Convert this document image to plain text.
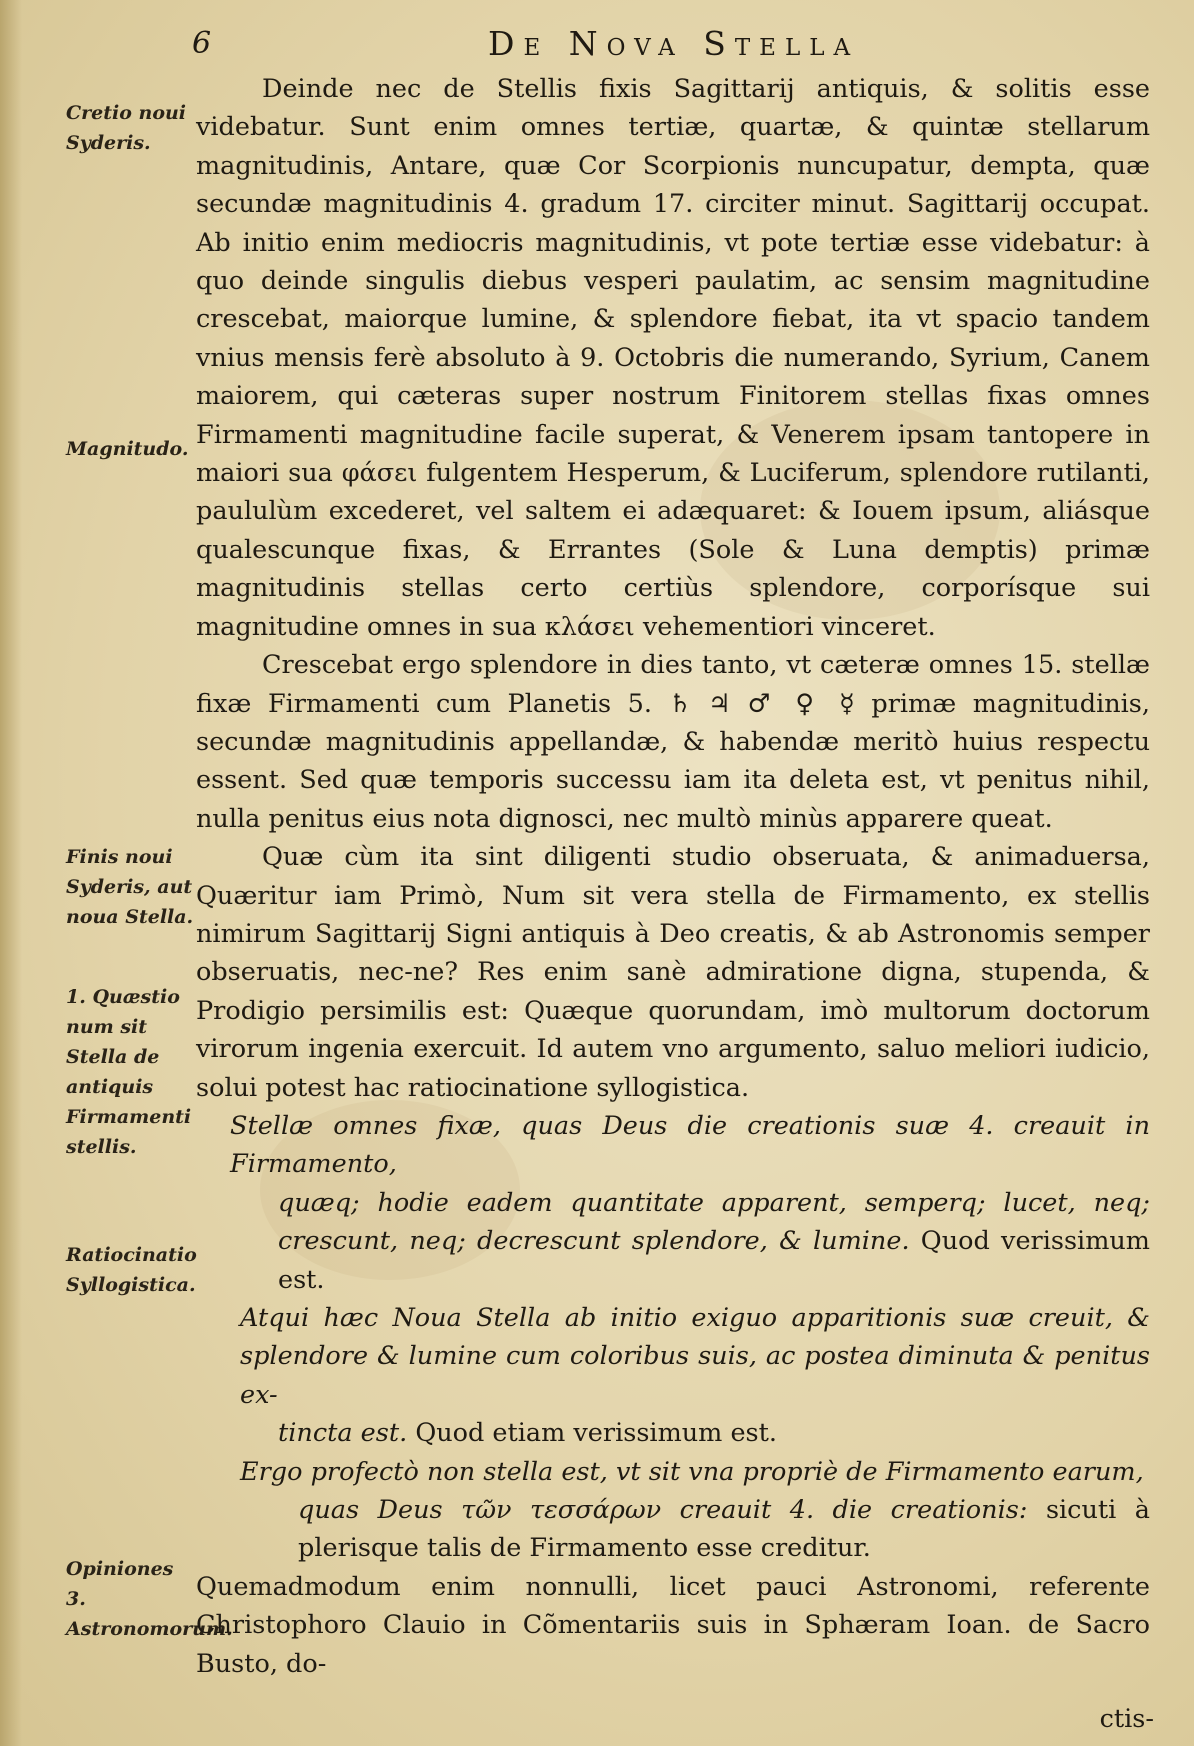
6	De Nova Stella
Cretio noui Syderis.
Magnitudo.
Finis noui Syderis, aut noua Stella.
1. Quæstio num sit Stella de antiquis Firmamenti stellis.
Ratiocinatio Syllogistica.
Opiniones 3. Astronomorum.

Deinde nec de Stellis fixis Sagittarij antiquis, & solitis esse videbatur. Sunt enim omnes tertiæ, quartæ, & quintæ stellarum magnitudinis, Antare, quæ Cor Scorpionis nuncupatur, dempta, quæ secundæ magnitudinis 4. gradum 17. circiter minut. Sagittarij occupat. Ab initio enim mediocris magnitudinis, vt pote tertiæ esse videbatur: à quo deinde singulis diebus vesperi paulatim, ac sensim magnitudine crescebat, maiorque lumine, & splendore fiebat, ita vt spacio tandem vnius mensis ferè absoluto à 9. Octobris die numerando, Syrium, Canem maiorem, qui cæteras super nostrum Finitorem stellas fixas omnes Firmamenti magnitudine facile superat, & Venerem ipsam tantopere in maiori sua φάσει fulgentem Hesperum, & Luciferum, splendore rutilanti, paululùm excederet, vel saltem ei adæquaret: & Iouem ipsum, aliásque qualescunque fixas, & Errantes (Sole & Luna demptis) primæ magnitudinis stellas certo certiùs splendore, corporísque sui magnitudine omnes in sua κλάσει vehementiori vinceret.

Crescebat ergo splendore in dies tanto, vt cæteræ omnes 15. stellæ fixæ Firmamenti cum Planetis 5. ♄ ♃ ♂ ♀ ☿ primæ magnitudinis, secundæ magnitudinis appellandæ, & habendæ meritò huius respectu essent. Sed quæ temporis successu iam ita deleta est, vt penitus nihil, nulla penitus eius nota dignosci, nec multò minùs apparere queat.

Quæ cùm ita sint diligenti studio obseruata, & animaduersa, Quæritur iam Primò, Num sit vera stella de Firmamento, ex stellis nimirum Sagittarij Signi antiquis à Deo creatis, & ab Astronomis semper obseruatis, nec-ne? Res enim sanè admiratione digna, stupenda, & Prodigio persimilis est: Quæque quorundam, imò multorum doctorum virorum ingenia exercuit. Id autem vno argumento, saluo meliori iudicio, solui potest hac ratiocinatione syllogistica.

Stellæ omnes fixæ, quas Deus die creationis suæ 4. creauit in Firmamento,
quæq; hodie eadem quantitate apparent, semperq; lucet, neq; crescunt, neq; decrescunt splendore, & lumine. Quod verissimum est.

Atqui hæc Noua Stella ab initio exiguo apparitionis suæ creuit, & splendore & lumine cum coloribus suis, ac postea diminuta & penitus ex-
tincta est. Quod etiam verissimum est.

Ergo profectò non stella est, vt sit vna propriè de Firmamento earum,
quas Deus τῶν τεσσάρων creauit 4. die creationis: sicuti à plerisque talis de Firmamento esse creditur.

Quemadmodum enim nonnulli, licet pauci Astronomi, referente Christophoro Clauio in Cõmentariis suis in Sphæram Ioan. de Sacro Busto, do-

ctis-
